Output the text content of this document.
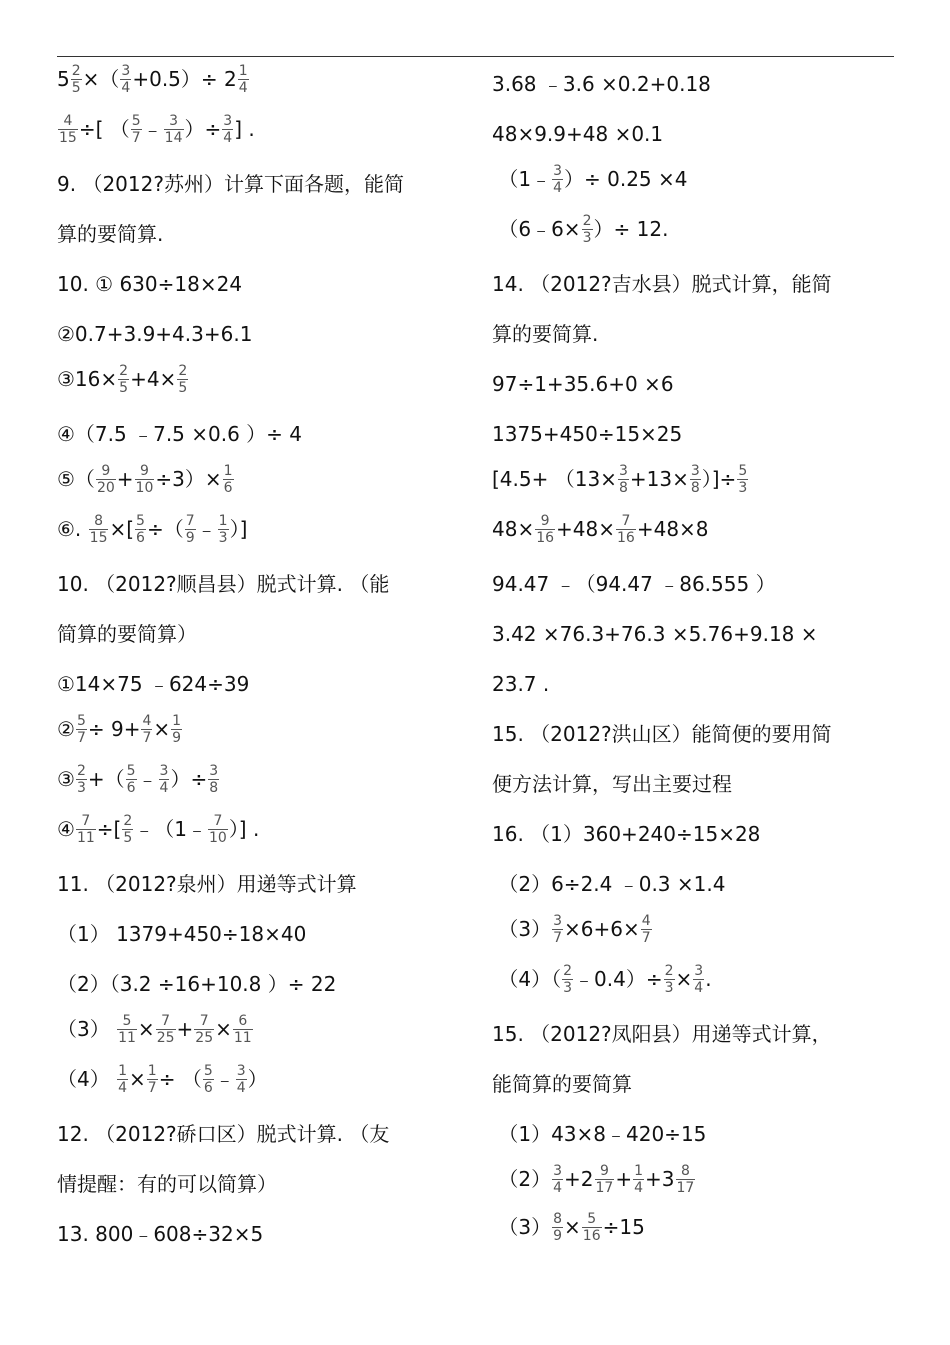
$5 \frac{2}{5}$ ×（ $\frac{3}{4} +0.5)\div 2 \frac{1}{4}$
$\frac{4}{15}$ ÷[ （ $\frac{5}{7}$ ﹣ $\frac{3}{14}$ ）÷ $\frac{3}{4}$ ] .
9. （2012?苏州）计算下面各题，能简
算的要简算.
10. ① 630÷18×24
②0.7+3.9+4.3+6.1
③16× $\frac{2}{5} +4\times \frac{2}{5}$
④（7.5 ﹣7.5 ×0.6 ）÷ 4
⑤（ $\frac{9}{20} + \frac{9}{10} \div 3)\times \frac{1}{6}$
⑥. $\frac{8}{15}$ ×[ $\frac{5}{6}$ ÷（ $\frac{7}{9}$ ﹣ $\frac{1}{3}$ ）]
10. （2012?顺昌县）脱式计算. （能
简算的要简算）
①14×75 ﹣624÷39
② $\frac{5}{7} \div 9+ \frac{4}{7} \times \frac{1}{9}$
③ $\frac{2}{3}$ +（ $\frac{5}{6}$ ﹣ $\frac{3}{4}$ ）÷ $\frac{3}{8}$
④ $\frac{7}{11}$ ÷[ $\frac{2}{5}$ ﹣（1﹣ $\frac{7}{10}$ ）] .
11. （2012?泉州）用递等式计算
（1） 1379+450÷18×40
（2）（3.2 ÷16+10.8 ）÷ 22
$(3) \frac{5}{11} \times \frac{7}{25} + \frac{7}{25} \times \frac{6}{11}$
$(4) \frac{1}{4} \times \frac{1}{7}$ ÷ （ $\frac{5}{6}$ ﹣ $\frac{3}{4}$ ）
12. （2012?硚口区）脱式计算. （友
情提醒：有的可以简算）
13. 800﹣608÷32×5
3.68 ﹣3.6 ×0.2+0.18
48×9.9+48 ×0.1
（1﹣ $\frac{3}{4}$ ）÷ 0.25 ×4
（6﹣6× $\frac{2}{3}$ ）÷ 12.
14. （2012?吉水县）脱式计算，能简
算的要简算.
97÷1+35.6+0 ×6
1375+450÷15×25
[$4.5+ (13\times \frac{3}{8} +13\times \frac{3}{8}$ ）]÷ $\frac{5}{3}$
$48\times \frac{9}{16} +48\times \frac{7}{16} +48\times 8$
94.47 ﹣（94.47 ﹣86.555 ）
3.42 ×76.3+76.3 ×5.76+9.18 ×
23.7 .
15. （2012?洪山区）能简便的要用简
便方法计算，写出主要过程
16. （1）360+240÷15×28
（2）6÷2.4 ﹣0.3 ×1.4
$(3) \frac{3}{7} \times 6+6\times \frac{4}{7}$
$(4)( \frac{2}{3}$ ﹣0.4）÷ $\frac{2}{3} \times \frac{3}{4}$ .
15. （2012?凤阳县）用递等式计算，
能简算的要简算
（1）43×8﹣420÷15
$(2) \frac{3}{4} +2 \frac{9}{17} + \frac{1}{4} +3 \frac{8}{17}$
$(3) \frac{8}{9} \times \frac{5}{16} \div 15$
